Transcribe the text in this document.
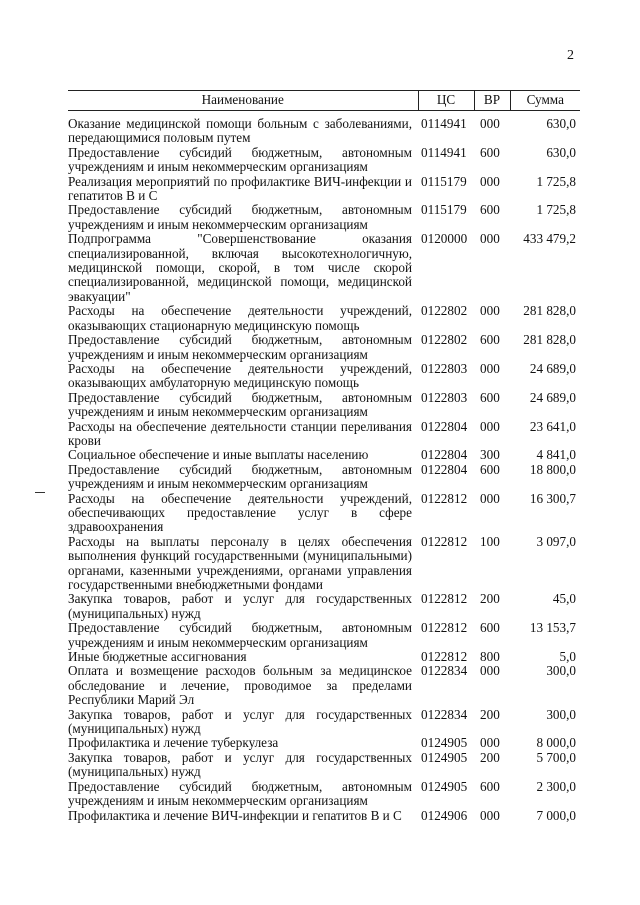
2
Наименование	ЦС	ВР	Сумма
Оказание медицинской помощи больным с заболеваниями, передающимися половым путем	0114941	000	630,0
Предоставление субсидий бюджетным, автономным учреждениям и иным некоммерческим организациям	0114941	600	630,0
Реализация мероприятий по профилактике ВИЧ-инфекции и гепатитов В и С	0115179	000	1 725,8
Предоставление субсидий бюджетным, автономным учреждениям и иным некоммерческим организациям	0115179	600	1 725,8
Подпрограмма "Совершенствование оказания специализированной, включая высокотехнологичную, медицинской помощи, скорой, в том числе скорой специализированной, медицинской помощи, медицинской эвакуации"	0120000	000	433 479,2
Расходы на обеспечение деятельности учреждений, оказывающих стационарную медицинскую помощь	0122802	000	281 828,0
Предоставление субсидий бюджетным, автономным учреждениям и иным некоммерческим организациям	0122802	600	281 828,0
Расходы на обеспечение деятельности учреждений, оказывающих амбулаторную медицинскую помощь	0122803	000	24 689,0
Предоставление субсидий бюджетным, автономным учреждениям и иным некоммерческим организациям	0122803	600	24 689,0
Расходы на обеспечение деятельности станции переливания крови	0122804	000	23 641,0
Социальное обеспечение и иные выплаты населению	0122804	300	4 841,0
Предоставление субсидий бюджетным, автономным учреждениям и иным некоммерческим организациям	0122804	600	18 800,0
Расходы на обеспечение деятельности учреждений, обеспечивающих предоставление услуг в сфере здравоохранения	0122812	000	16 300,7
Расходы на выплаты персоналу в целях обеспечения выполнения функций государственными (муниципальными) органами, казенными учреждениями, органами управления государственными внебюджетными фондами	0122812	100	3 097,0
Закупка товаров, работ и услуг для государственных (муниципальных) нужд	0122812	200	45,0
Предоставление субсидий бюджетным, автономным учреждениям и иным некоммерческим организациям	0122812	600	13 153,7
Иные бюджетные ассигнования	0122812	800	5,0
Оплата и возмещение расходов больным за медицинское обследование и лечение, проводимое за пределами Республики Марий Эл	0122834	000	300,0
Закупка товаров, работ и услуг для государственных (муниципальных) нужд	0122834	200	300,0
Профилактика и лечение туберкулеза	0124905	000	8 000,0
Закупка товаров, работ и услуг для государственных (муниципальных) нужд	0124905	200	5 700,0
Предоставление субсидий бюджетным, автономным учреждениям и иным некоммерческим организациям	0124905	600	2 300,0
Профилактика и лечение ВИЧ-инфекции и гепатитов В и С	0124906	000	7 000,0
